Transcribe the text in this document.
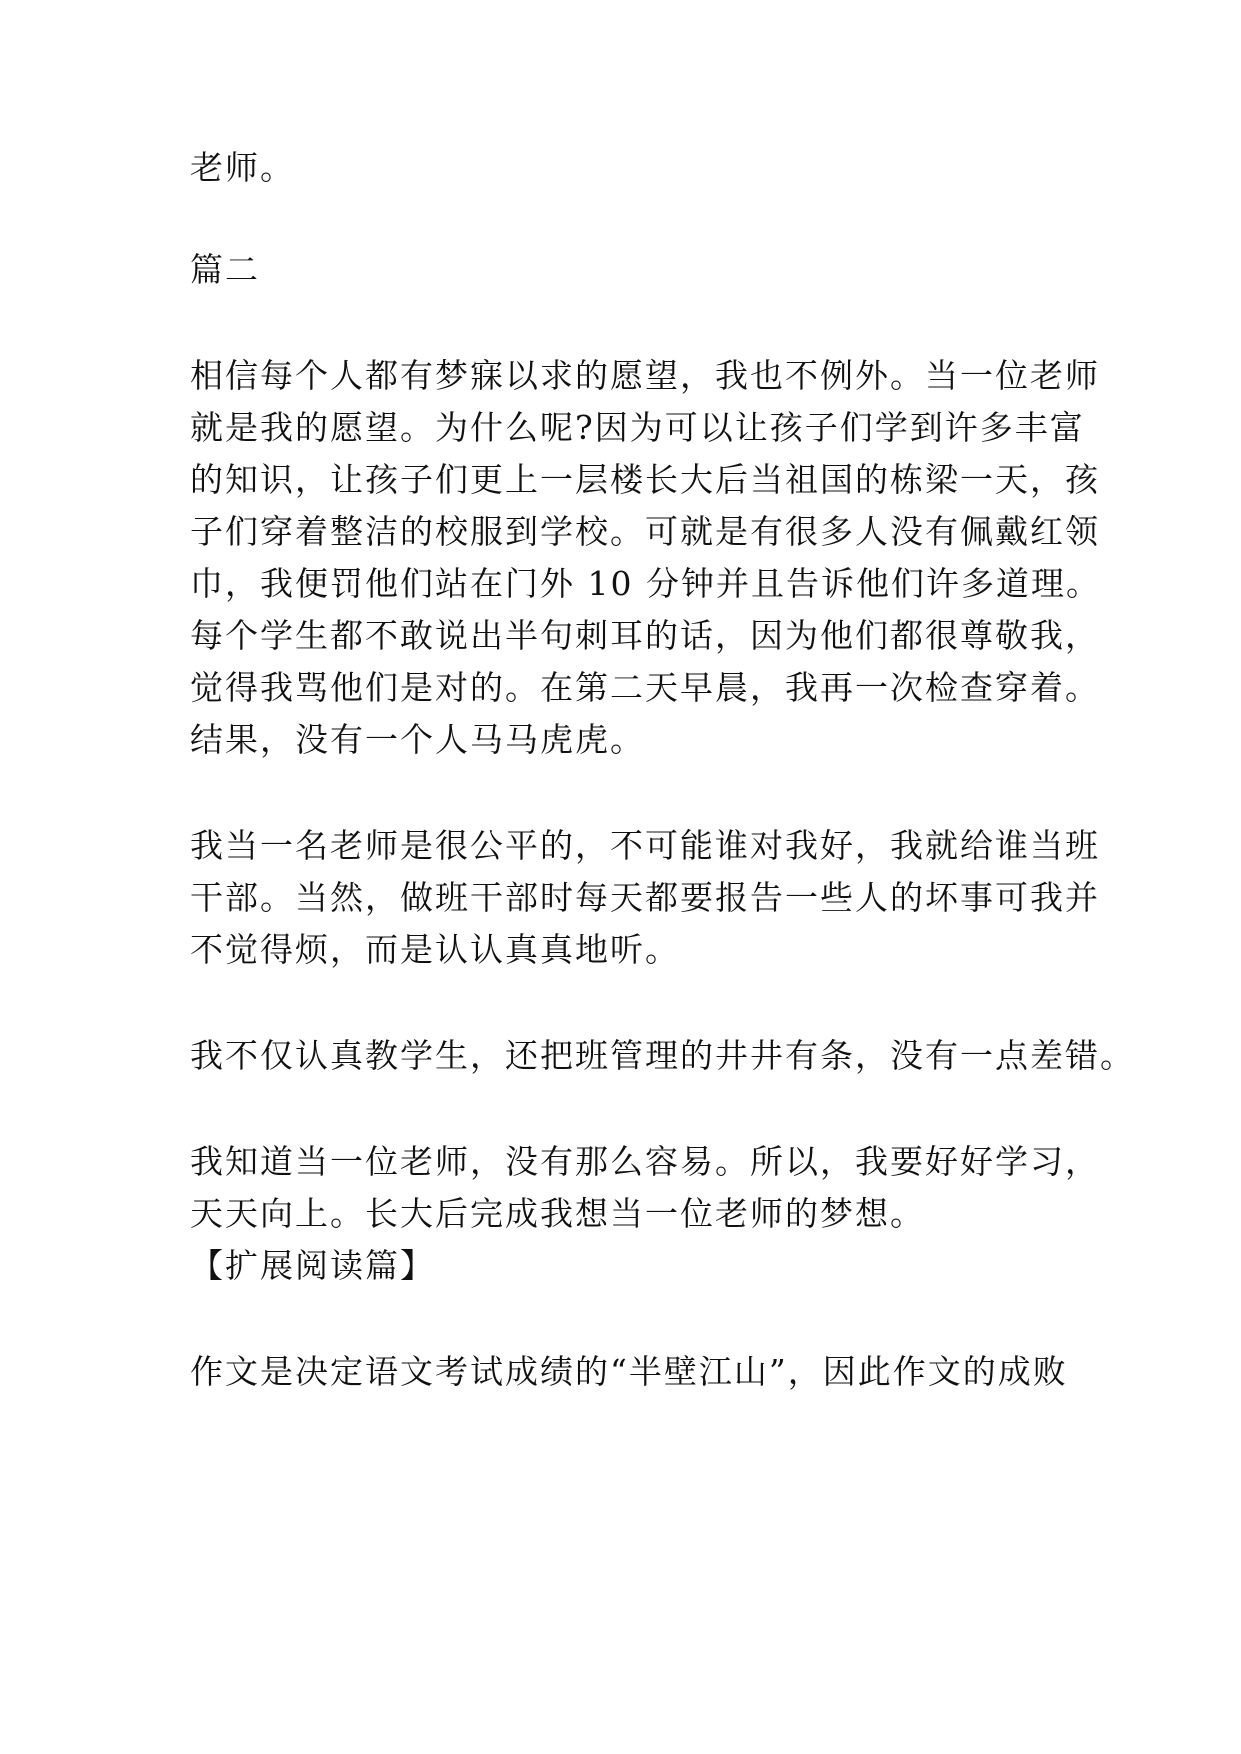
老师。
篇二
相信每个人都有梦寐以求的愿望，我也不例外。当一位老师
就是我的愿望。为什么呢?因为可以让孩子们学到许多丰富
的知识，让孩子们更上一层楼长大后当祖国的栋梁一天，孩
子们穿着整洁的校服到学校。可就是有很多人没有佩戴红领
巾，我便罚他们站在门外 10 分钟并且告诉他们许多道理。
每个学生都不敢说出半句刺耳的话，因为他们都很尊敬我，
觉得我骂他们是对的。在第二天早晨，我再一次检查穿着。
结果，没有一个人马马虎虎。
我当一名老师是很公平的，不可能谁对我好，我就给谁当班
干部。当然，做班干部时每天都要报告一些人的坏事可我并
不觉得烦，而是认认真真地听。
我不仅认真教学生，还把班管理的井井有条，没有一点差错。
我知道当一位老师，没有那么容易。所以，我要好好学习，
天天向上。长大后完成我想当一位老师的梦想。
【扩展阅读篇】
作文是决定语文考试成绩的“半壁江山”，因此作文的成败
